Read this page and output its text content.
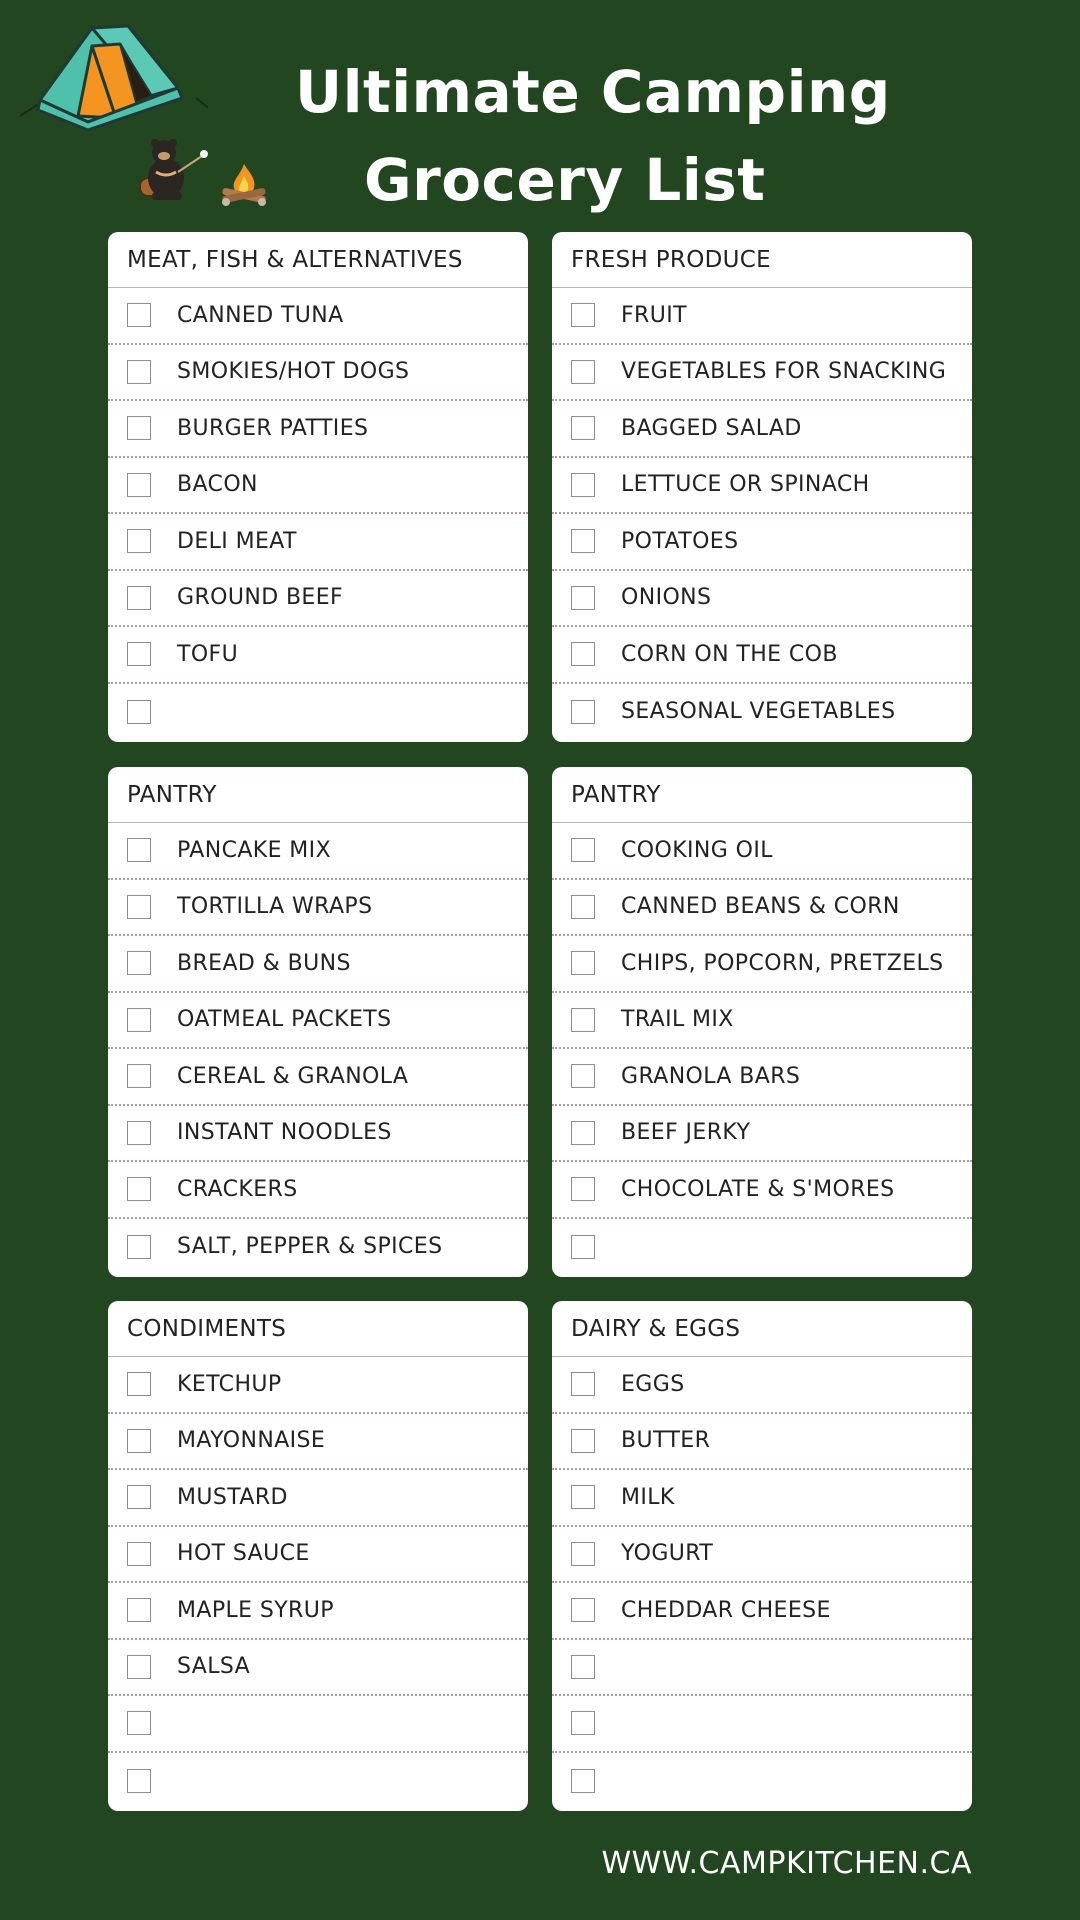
Ultimate Camping
Grocery List
MEAT, FISH & ALTERNATIVES
CANNED TUNA
SMOKIES/HOT DOGS
BURGER PATTIES
BACON
DELI MEAT
GROUND BEEF
TOFU
FRESH PRODUCE
FRUIT
VEGETABLES FOR SNACKING
BAGGED SALAD
LETTUCE OR SPINACH
POTATOES
ONIONS
CORN ON THE COB
SEASONAL VEGETABLES
PANTRY
PANCAKE MIX
TORTILLA WRAPS
BREAD & BUNS
OATMEAL PACKETS
CEREAL & GRANOLA
INSTANT NOODLES
CRACKERS
SALT, PEPPER & SPICES
PANTRY
COOKING OIL
CANNED BEANS & CORN
CHIPS, POPCORN, PRETZELS
TRAIL MIX
GRANOLA BARS
BEEF JERKY
CHOCOLATE & S'MORES
CONDIMENTS
KETCHUP
MAYONNAISE
MUSTARD
HOT SAUCE
MAPLE SYRUP
SALSA
DAIRY & EGGS
EGGS
BUTTER
MILK
YOGURT
CHEDDAR CHEESE
WWW.CAMPKITCHEN.CA
